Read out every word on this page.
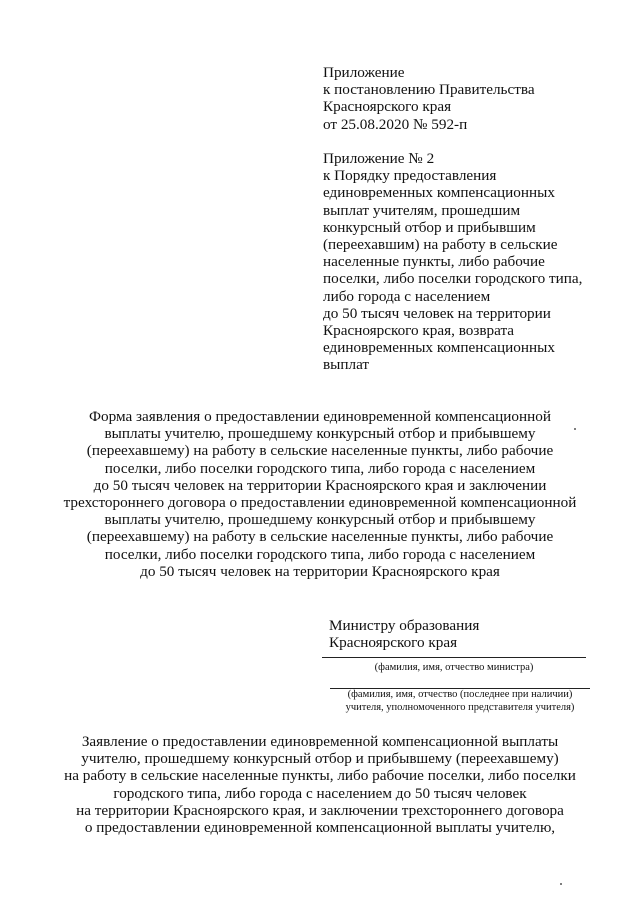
Приложение
к постановлению Правительства
Красноярского края
от 25.08.2020 № 592-п
Приложение № 2
к Порядку предоставления
единовременных компенсационных
выплат учителям, прошедшим
конкурсный отбор и прибывшим
(переехавшим) на работу в сельские
населенные пункты, либо рабочие
поселки, либо поселки городского типа,
либо города с населением
до 50 тысяч человек на территории
Красноярского края, возврата
единовременных компенсационных
выплат
Форма заявления о предоставлении единовременной компенсационной
выплаты учителю, прошедшему конкурсный отбор и прибывшему
(переехавшему) на работу в сельские населенные пункты, либо рабочие
поселки, либо поселки городского типа, либо города с населением
до 50 тысяч человек на территории Красноярского края и заключении
трехстороннего договора о предоставлении единовременной компенсационной
выплаты учителю, прошедшему конкурсный отбор и прибывшему
(переехавшему) на работу в сельские населенные пункты, либо рабочие
поселки, либо поселки городского типа, либо города с населением
до 50 тысяч человек на территории Красноярского края
Министру образования
Красноярского края
(фамилия, имя, отчество министра)
(фамилия, имя, отчество (последнее при наличии)
учителя, уполномоченного представителя учителя)
Заявление о предоставлении единовременной компенсационной выплаты
учителю, прошедшему конкурсный отбор и прибывшему (переехавшему)
на работу в сельские населенные пункты, либо рабочие поселки, либо поселки
городского типа, либо города с населением до 50 тысяч человек
на территории Красноярского края, и заключении трехстороннего договора
о предоставлении единовременной компенсационной выплаты учителю,
